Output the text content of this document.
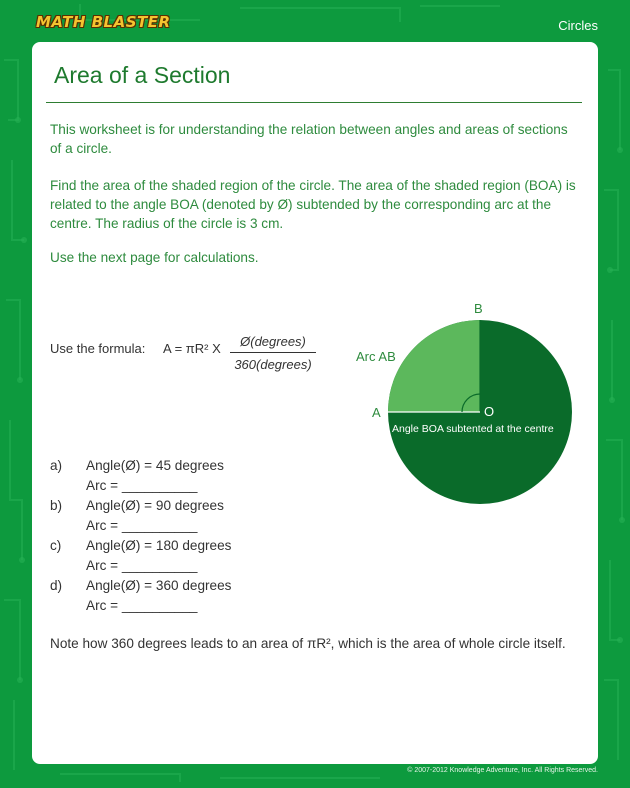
MATH BLASTER	Circles
Area of a Section

This worksheet is for understanding the relation between angles and areas of sections of a circle.

Find the area of the shaded region of the circle. The area of the shaded region (BOA) is related to the angle BOA (denoted by Ø) subtended by the corresponding arc at the centre. The radius of the circle is 3 cm.

Use the next page for calculations.

Use the formula: A = πR² X	Ø(degrees)
360(degrees)
B
A	O
Arc AB
Angle BOA subtented at the centre
a) Angle(Ø) = 45 degrees
Arc = __________
b) Angle(Ø) = 90 degrees
Arc = __________
c) Angle(Ø) = 180 degrees
Arc = __________
d) Angle(Ø) = 360 degrees
Arc = __________
Note how 360 degrees leads to an area of πR², which is the area of whole circle itself.
© 2007-2012 Knowledge Adventure, Inc. All Rights Reserved.
